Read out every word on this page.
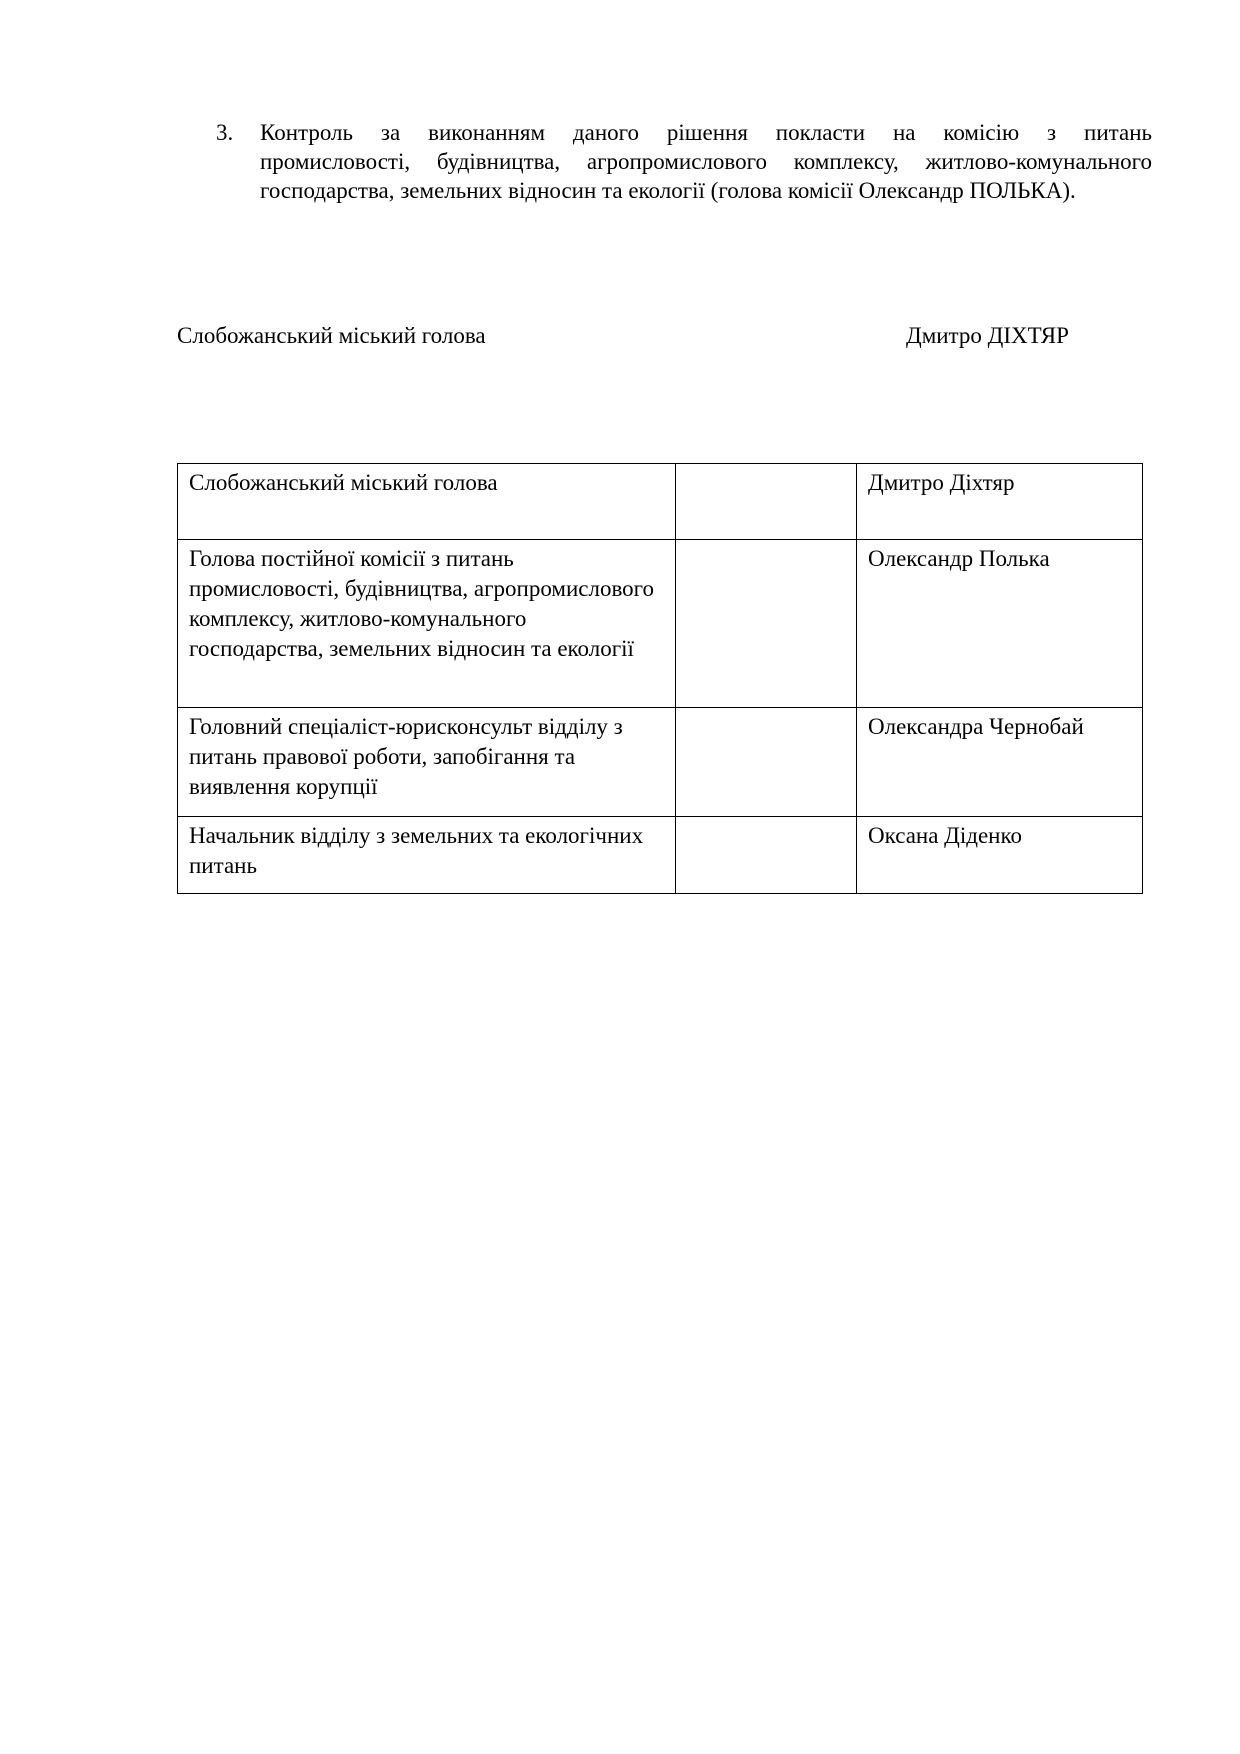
3.	Контроль за виконанням даного рішення покласти на комісію з питань
промисловості, будівництва, агропромислового комплексу, житлово-комунального
господарства, земельних відносин та екології (голова комісії Олександр ПОЛЬКА).
Слобожанський міський голова	Дмитро ДІХТЯР
Слобожанський міський голова		Дмитро Діхтяр
Голова постійної комісії з питань промисловості, будівництва, агропромислового комплексу, житлово-комунального господарства, земельних відносин та екології		Олександр Полька
Головний спеціаліст-юрисконсульт відділу з питань правової роботи, запобігання та виявлення корупції		Олександра Чернобай
Начальник відділу з земельних та екологічних питань		Оксана Діденко
